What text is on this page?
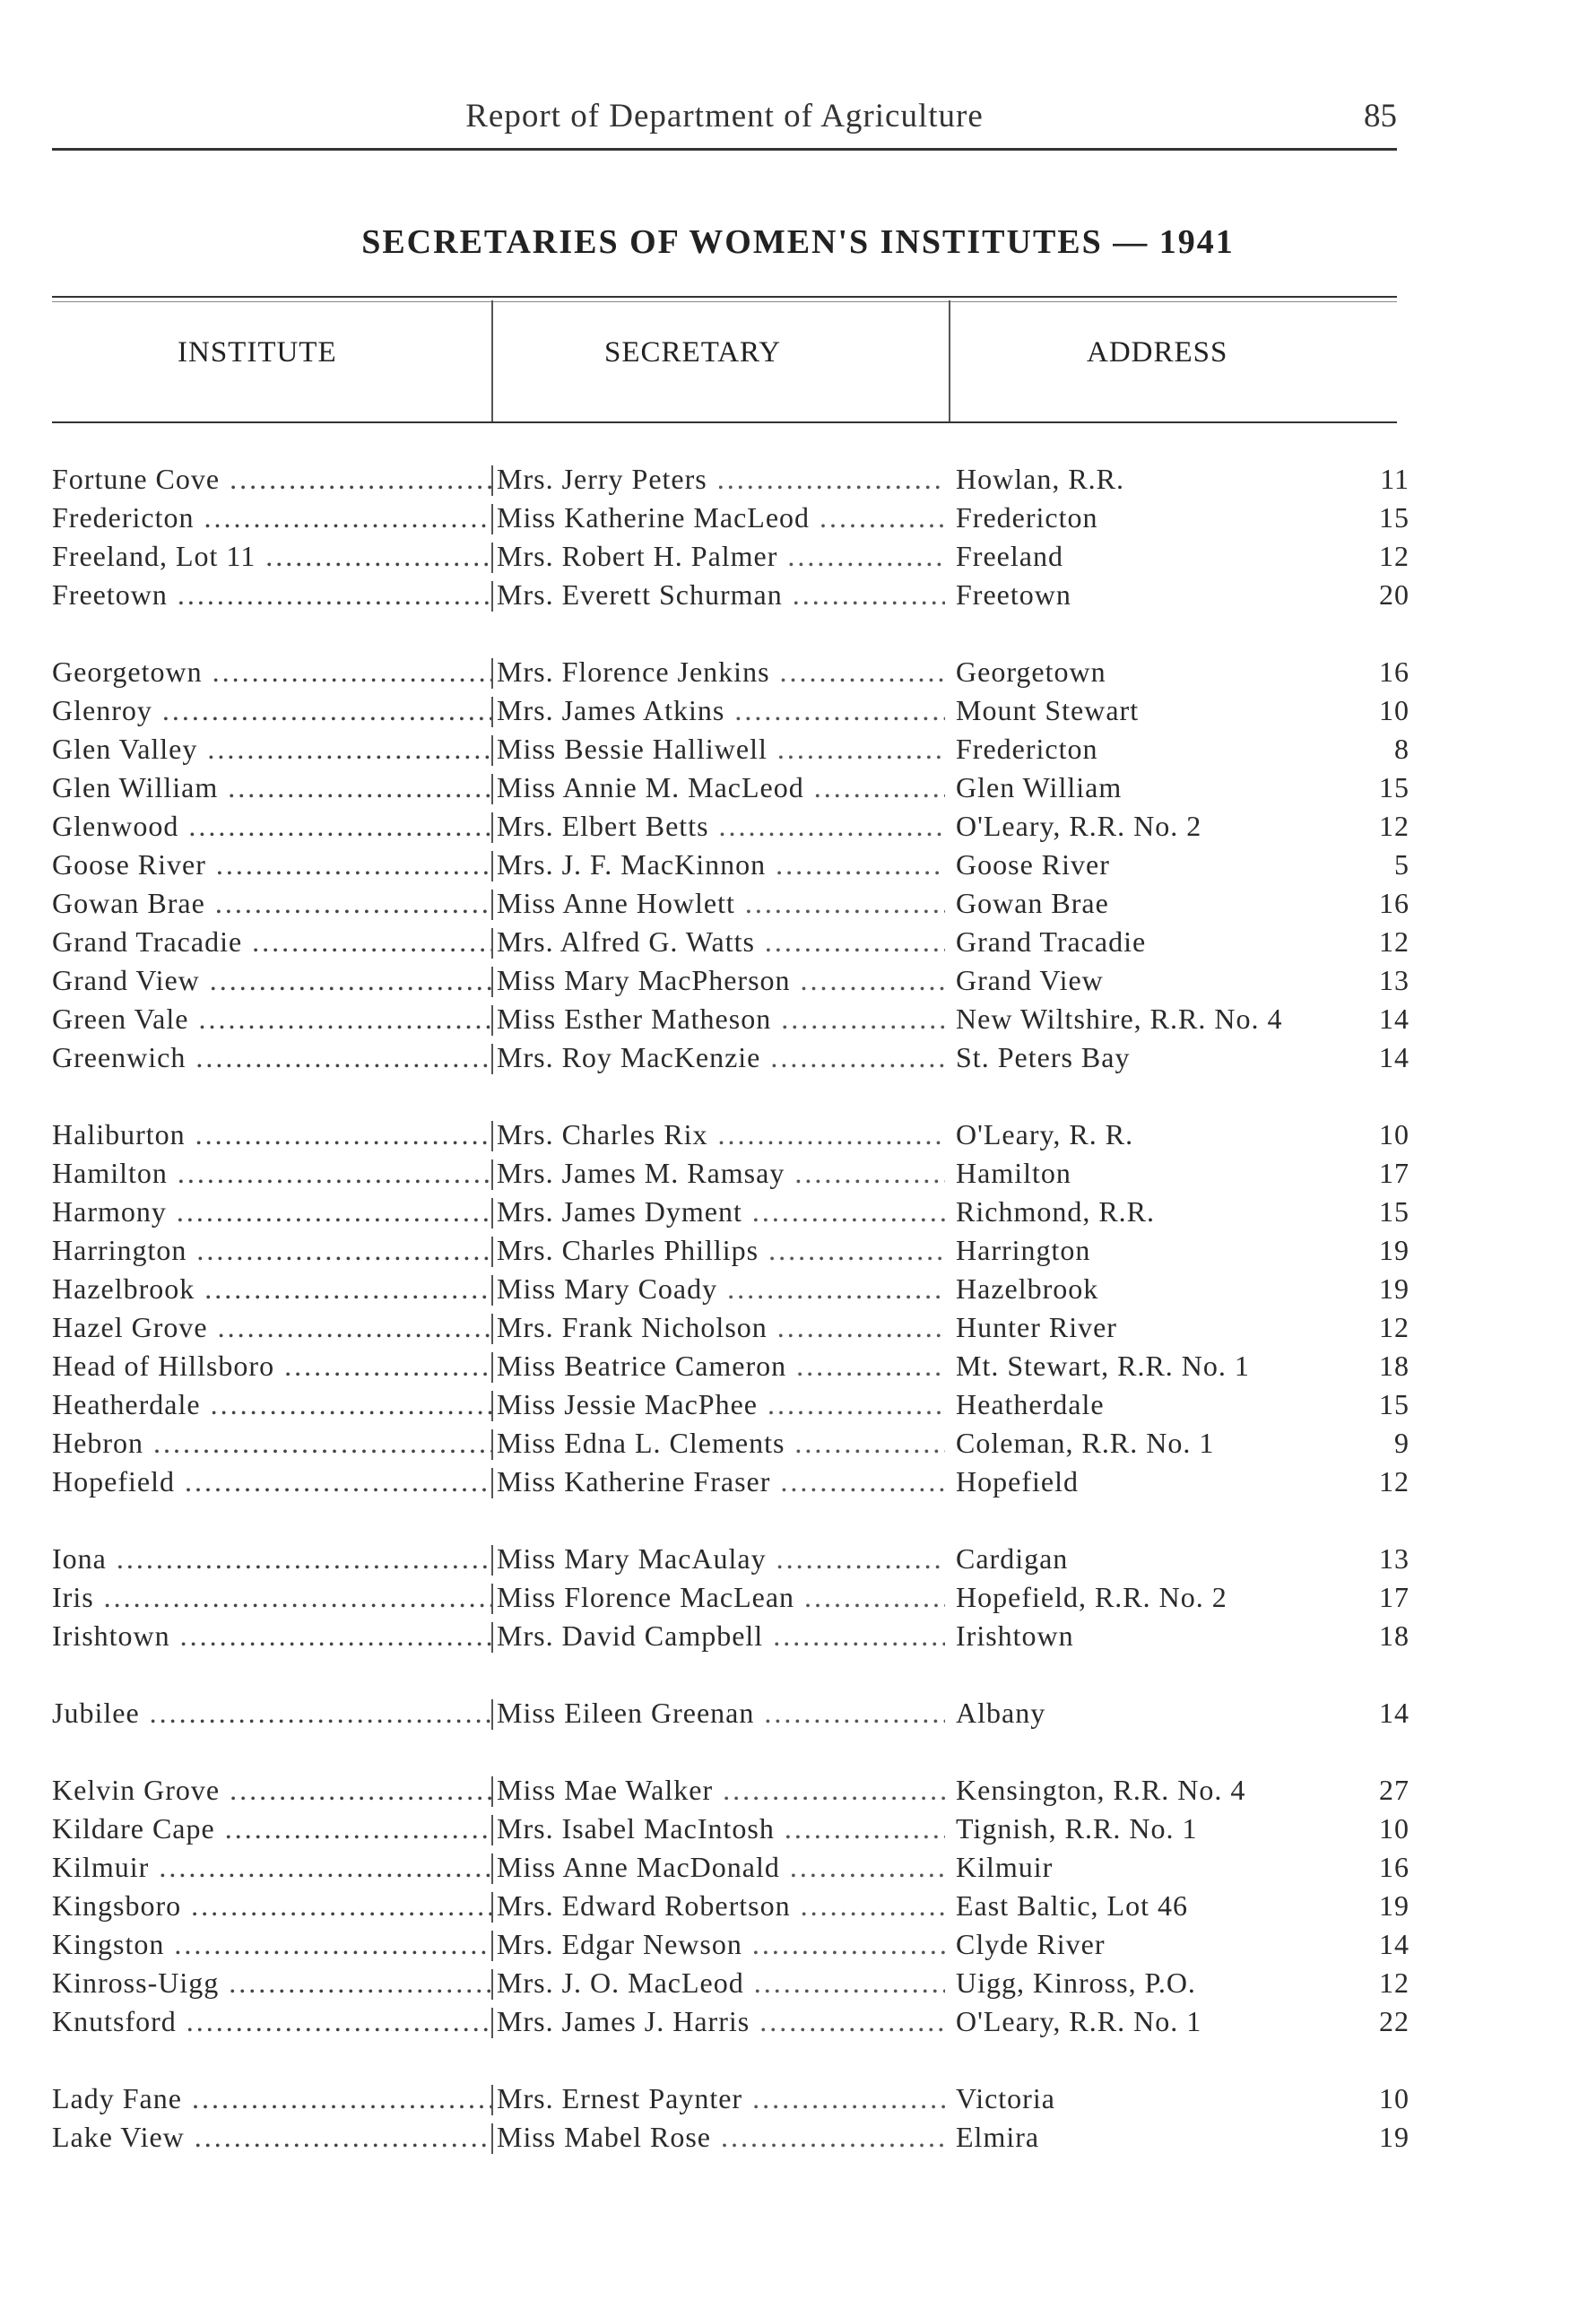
Report of Department of Agriculture	85
SECRETARIES OF WOMEN'S INSTITUTES — 1941
INSTITUTE	SECRETARY	ADDRESS
Fortune Cove .....	Mrs. Jerry Peters .....	Howlan, R.R.	11
Fredericton .....	Miss Katherine MacLeod .....	Fredericton	15
Freeland, Lot 11 .....	Mrs. Robert H. Palmer .....	Freeland	12
Freetown .....	Mrs. Everett Schurman .....	Freetown	20
Georgetown .....	Mrs. Florence Jenkins .....	Georgetown	16
Glenroy .....	Mrs. James Atkins .....	Mount Stewart	10
Glen Valley .....	Miss Bessie Halliwell .....	Fredericton	8
Glen William .....	Miss Annie M. MacLeod .....	Glen William	15
Glenwood .....	Mrs. Elbert Betts .....	O'Leary, R.R. No. 2	12
Goose River .....	Mrs. J. F. MacKinnon .....	Goose River	5
Gowan Brae .....	Miss Anne Howlett .....	Gowan Brae	16
Grand Tracadie .....	Mrs. Alfred G. Watts .....	Grand Tracadie	12
Grand View .....	Miss Mary MacPherson .....	Grand View	13
Green Vale .....	Miss Esther Matheson .....	New Wiltshire, R.R. No. 4	14
Greenwich .....	Mrs. Roy MacKenzie .....	St. Peters Bay	14
Haliburton .....	Mrs. Charles Rix .....	O'Leary, R. R.	10
Hamilton .....	Mrs. James M. Ramsay .....	Hamilton	17
Harmony .....	Mrs. James Dyment .....	Richmond, R.R.	15
Harrington .....	Mrs. Charles Phillips .....	Harrington	19
Hazelbrook .....	Miss Mary Coady .....	Hazelbrook	19
Hazel Grove .....	Mrs. Frank Nicholson .....	Hunter River	12
Head of Hillsboro .....	Miss Beatrice Cameron .....	Mt. Stewart, R.R. No. 1	18
Heatherdale .....	Miss Jessie MacPhee .....	Heatherdale	15
Hebron .....	Miss Edna L. Clements .....	Coleman, R.R. No. 1	9
Hopefield .....	Miss Katherine Fraser .....	Hopefield	12
Iona .....	Miss Mary MacAulay .....	Cardigan	13
Iris .....	Miss Florence MacLean .....	Hopefield, R.R. No. 2	17
Irishtown .....	Mrs. David Campbell .....	Irishtown	18
Jubilee .....	Miss Eileen Greenan .....	Albany	14
Kelvin Grove .....	Miss Mae Walker .....	Kensington, R.R. No. 4	27
Kildare Cape .....	Mrs. Isabel MacIntosh .....	Tignish, R.R. No. 1	10
Kilmuir .....	Miss Anne MacDonald .....	Kilmuir	16
Kingsboro .....	Mrs. Edward Robertson .....	East Baltic, Lot 46	19
Kingston .....	Mrs. Edgar Newson .....	Clyde River	14
Kinross-Uigg .....	Mrs. J. O. MacLeod .....	Uigg, Kinross, P.O.	12
Knutsford .....	Mrs. James J. Harris .....	O'Leary, R.R. No. 1	22
Lady Fane .....	Mrs. Ernest Paynter .....	Victoria	10
Lake View .....	Miss Mabel Rose .....	Elmira	19
